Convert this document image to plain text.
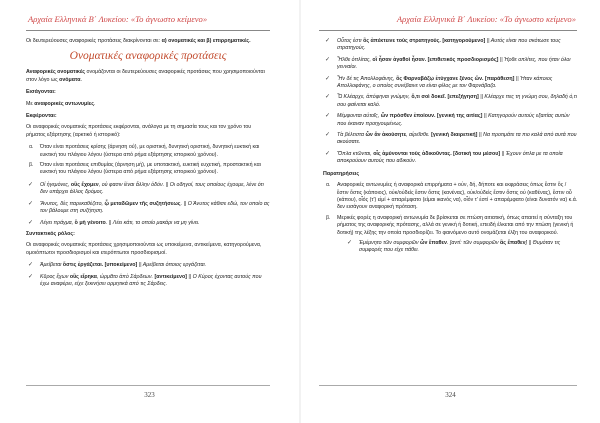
Αρχαία Ελληνικά Β΄ Λυκείου: «Το άγνωστο κείμενο»

Οι δευτερεύουσες αναφορικές προτάσεις διακρίνονται σε: α) ονοματικές και β) επιρρηματικές.

Ονοματικές αναφορικές προτάσεις

Αναφορικές ονοματικές ονομάζονται οι δευτερεύουσες αναφορικές προτάσεις που χρησιμοποιούνται στον λόγο ως ονόματα.

Εισάγονται:

Με αναφορικές αντωνυμίες.

Εκφέρονται:

Οι αναφορικές ονοματικές προτάσεις εκφέρονται, ανάλογα με τη σημασία τους και τον χρόνο του ρήματος εξάρτησης (αρκτικό ή ιστορικό):

α. Όταν είναι προτάσεις κρίσης (άρνηση ού), με οριστική, δυνητική οριστική, δυνητική ευκτική και ευκτική του πλάγιου λόγου (ύστερα από ρήμα εξάρτησης ιστορικού χρόνου).
β. Όταν είναι προτάσεις επιθυμίας (άρνηση μή), με υποτακτική, ευκτική ευχετική, προστακτική και ευκτική του πλάγιου λόγου (ύστερα από ρήμα εξάρτησης ιστορικού χρόνου).
✓ Οἱ ἡγεμόνες, οὓς ἔχομεν, οὐ φασιν ἰέναι ἄλλην ὁδόν. || Οι οδηγοί, τους οποίους έχουμε, λένε ότι δεν υπάρχει άλλος δρόμος.
✓ Ἄνυτος, δὲς παρεκαθέζετο, ᾧ μεταδῶμεν τῆς συζητήσεως. || Ο Άνυτος κάθισε εδώ, τον οποίο ας τον βάλουμε στη συζήτηση.
✓ Λέγει πράγμα, ὃ μὴ γένοιτο. || Λέει κάτι, το οποίο μακάρι να μη γίνει.

Συντακτικός ρόλος:

Οι αναφορικές ονοματικές προτάσεις χρησιμοποιούνται ως υποκείμενα, αντικείμενα, κατηγορούμενα, ομοιόπτωτοι προσδιορισμοί και ετερόπτωτοι προσδιορισμοί.

✓ Ἀμείβεται ὅστις ἐργάζεται. [υποκείμενο] || Αμείβεται όποιος εργάζεται.
✓ Κῦρος ἔχων οὓς εἴρηκα, ὡρμᾶτο ἀπὸ Σάρδεων. [αντικείμενο] || Ο Κύρος έχοντας αυτούς που έχω αναφέρει, είχε ξεκινήσει ορμητικά από τις Σάρδεις.
323
Αρχαία Ελληνικά Β΄ Λυκείου: «Το άγνωστο κείμενο»
✓ Οὗτος ἐστι ὃς ἀπέκτεινε τοὺς στρατηγούς. [κατηγορούμενο] || Αυτός είναι που σκότωσε τους στρατηγούς.
✓ Ἦλθε ὁπλίτας, οἳ ἦσαν ἀγαθοὶ ἦσαν. [επιθετικός προσδιορισμός] || Ήρθε οπλίτες, που ήταν όλοι γενναίοι.
✓ Ἦν δέ τις Ἀπολλοφάνης, ὃς Φαρναβάζῳ ἐτύγχανε ξένος ὤν. [παράθεση] || Ήταν κάποιος Απολλοφάνης, ο οποίος συνέβαινε να είναι φίλος με τον Φαρνάβαζο.
✓ Ὦ Κλέαρχε, ἀπόφηναι γνώμην, ὅ,τι σοὶ δοκεῖ. [επεξήγηση] || Κλέαρχε πες τη γνώμη σου, δηλαδή ό,τι σου φαίνεται καλό.
✓ Μέμφονται αὐτοῖς, ὧν πρόσθεν ἐποίουν. [γενική της αιτίας] || Κατηγορούν αυτούς εξαιτίας αυτών που έκαναν προηγουμένως.
✓ Τὰ βέλτιστα ὧν ἂν ἀκούσητε, αἱρεῖσθε. [γενική διαιρετική] || Να προτιμάτε τα πιο καλά από αυτά που ακούσατε.
✓ Ὅπλα κτῶνται, οἷς ἀμύνονται τοὺς ἀδικοῦντας. [δοτική του μέσου] || Έχουν όπλα με τα οποία αποκρούουν αυτούς που αδικούν.

Παρατηρήσεις

α. Αναφορικές αντωνυμίες ή αναφορικά επιρρήματα + οὐν, δή, δήποτε και εκφράσεις όπως ἔστιν ὅς / ἔστιν ὅστις (κάποιος), οὐκ/οὐδεὶς ἔστιν ὅστις (κανένας), οὐκ/οὐδεὶς ἔστιν ὅστις οὐ (καθένας), ἔστιν οὗ (κάπου), οἷός (τ') εἰμί + απαρέμφατο (είμαι ικανός να), οἷόν τ' ἐστί + απαρέμφατο (είναι δυνατόν να) κ.ά. δεν εισάγουν αναφορική πρόταση.
β. Μερικές φορές η αναφορική αντωνυμία δε βρίσκεται σε πτώση αιτιατική, όπως απαιτεί η σύνταξη του ρήματος της αναφορικής πρότασης, αλλά σε γενική ή δοτική, επειδή έλκεται από την πτώση (γενική ή δοτική) της λέξης την οποία προσδιορίζει. Το φαινόμενο αυτό ονομάζεται έλξη του αναφορικού.
✓ Ἐμέμνητο τῶν συμφορῶν ὧν ἔπαθεν. [αντί: τῶν συμφορῶν ἃς ἔπαθεν] || Θυμόταν τις συμφορές που είχε πάθει.
324
